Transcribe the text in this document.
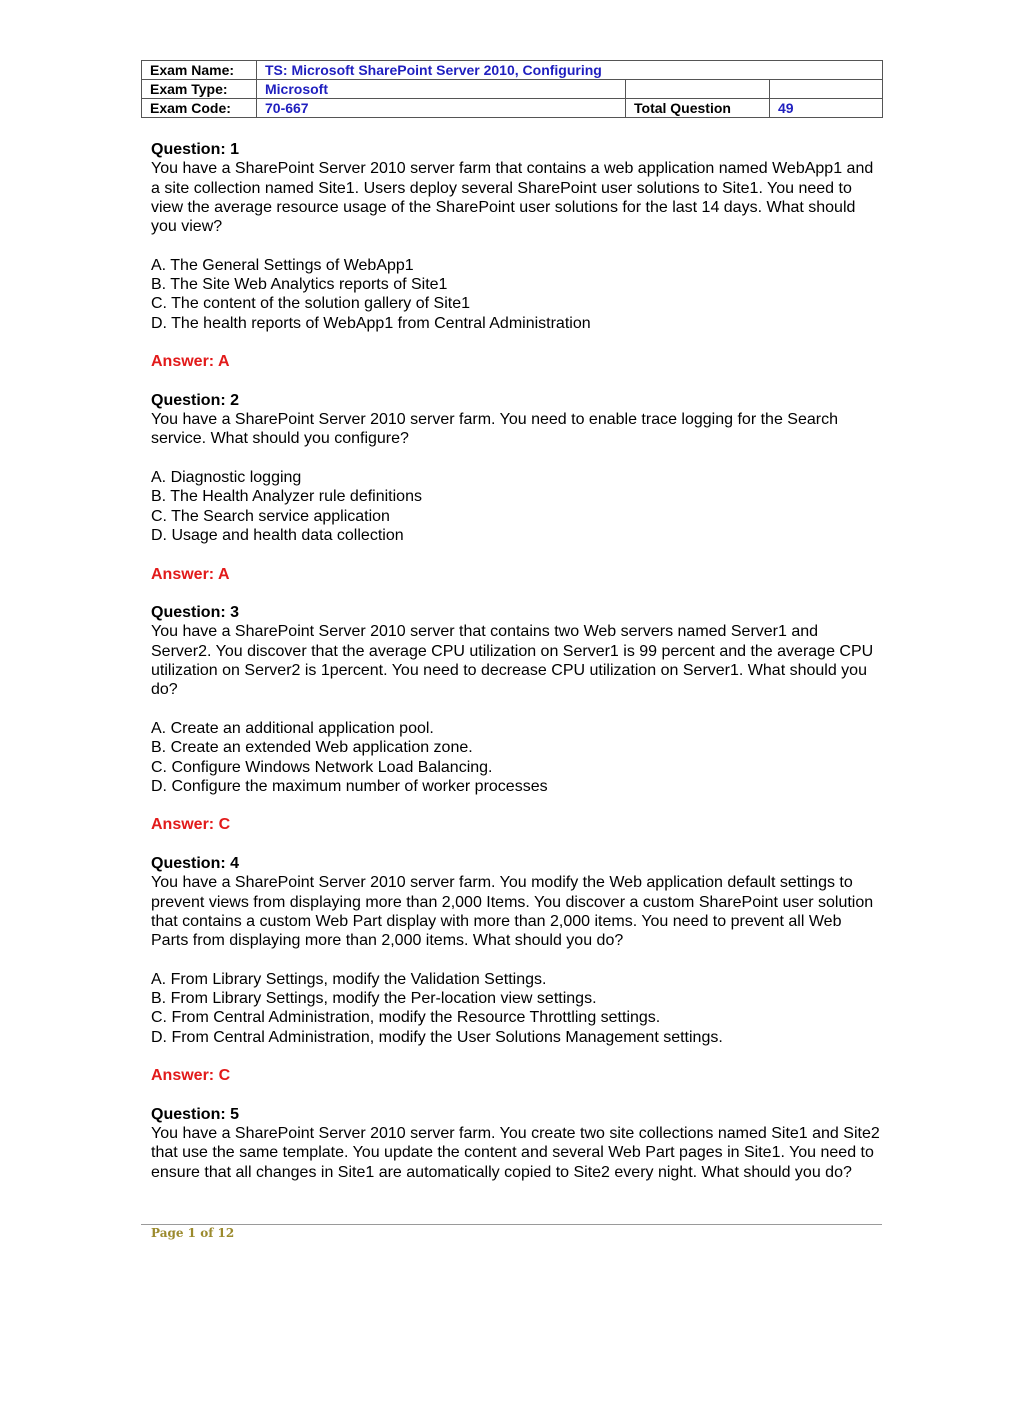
Exam Name:	TS: Microsoft SharePoint Server 2010, Configuring		
Exam Type:	Microsoft		
Exam Code:	70-667	Total Question	49
Question: 1
You have a SharePoint Server 2010 server farm that contains a web application named WebApp1 and a site collection named Site1. Users deploy several SharePoint user solutions to Site1. You need to view the average resource usage of the SharePoint user solutions for the last 14 days. What should you view?
A. The General Settings of WebApp1
B. The Site Web Analytics reports of Site1
C. The content of the solution gallery of Site1
D. The health reports of WebApp1 from Central Administration
Answer: A
Question: 2
You have a SharePoint Server 2010 server farm. You need to enable trace logging for the Search service. What should you configure?
A. Diagnostic logging
B. The Health Analyzer rule definitions
C. The Search service application
D. Usage and health data collection
Answer: A
Question: 3
You have a SharePoint Server 2010 server that contains two Web servers named Server1 and Server2. You discover that the average CPU utilization on Server1 is 99 percent and the average CPU utilization on Server2 is 1percent. You need to decrease CPU utilization on Server1. What should you do?
A. Create an additional application pool.
B. Create an extended Web application zone.
C. Configure Windows Network Load Balancing.
D. Configure the maximum number of worker processes
Answer: C
Question: 4
You have a SharePoint Server 2010 server farm. You modify the Web application default settings to prevent views from displaying more than 2,000 Items. You discover a custom SharePoint user solution that contains a custom Web Part display with more than 2,000 items. You need to prevent all Web Parts from displaying more than 2,000 items. What should you do?
A. From Library Settings, modify the Validation Settings.
B. From Library Settings, modify the Per-location view settings.
C. From Central Administration, modify the Resource Throttling settings.
D. From Central Administration, modify the User Solutions Management settings.
Answer: C
Question: 5
You have a SharePoint Server 2010 server farm. You create two site collections named Site1 and Site2 that use the same template. You update the content and several Web Part pages in Site1. You need to ensure that all changes in Site1 are automatically copied to Site2 every night. What should you do?
Page 1 of 12
